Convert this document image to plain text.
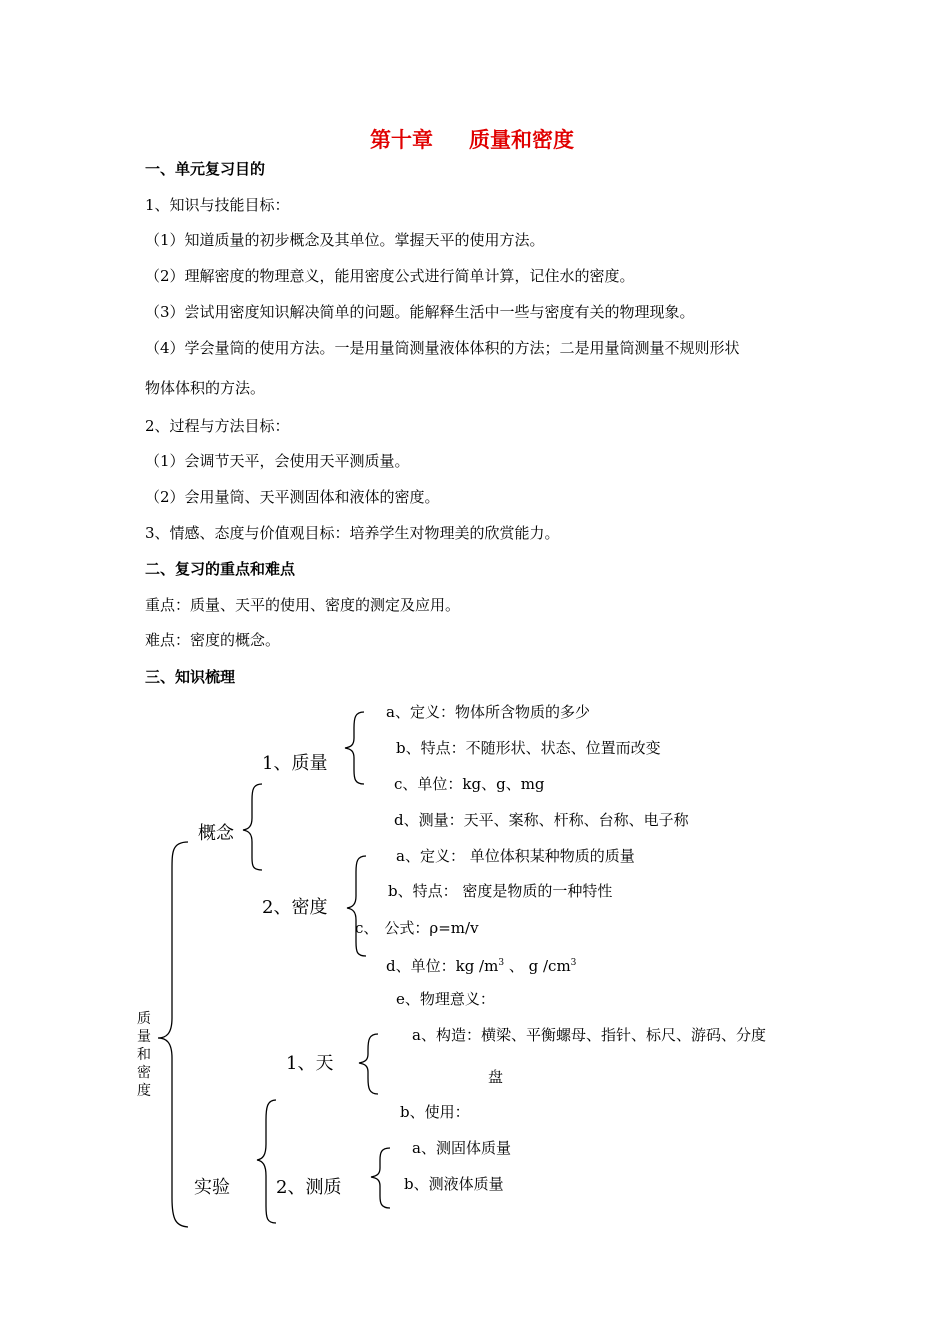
第十章 质量和密度
一、单元复习目的
1、知识与技能目标：
（1）知道质量的初步概念及其单位。掌握天平的使用方法。
（2）理解密度的物理意义，能用密度公式进行简单计算，记住水的密度。
（3）尝试用密度知识解决简单的问题。能解释生活中一些与密度有关的物理现象。
（4）学会量筒的使用方法。一是用量筒测量液体体积的方法；二是用量筒测量不规则形状
物体体积的方法。
2、过程与方法目标：
（1）会调节天平，会使用天平测质量。
（2）会用量筒、天平测固体和液体的密度。
3、情感、态度与价值观目标：培养学生对物理美的欣赏能力。
二、复习的重点和难点
重点：质量、天平的使用、密度的测定及应用。
难点：密度的概念。
三、知识梳理
质量和密度
概念
1、质量
a、定义：物体所含物质的多少
b、特点：不随形状、状态、位置而改变
c、单位：kg、g、mg
d、测量：天平、案称、杆称、台称、电子称
2、密度
a、定义： 单位体积某种物质的质量
b、特点： 密度是物质的一种特性
c、 公式：ρ=m/v
d、单位：kg $/m^3$ 、 g $/cm^3$
e、物理意义：
1、天
a、构造：横梁、平衡螺母、指针、标尺、游码、分度
盘
b、使用：
实验	2、测质
a、测固体质量
b、测液体质量
